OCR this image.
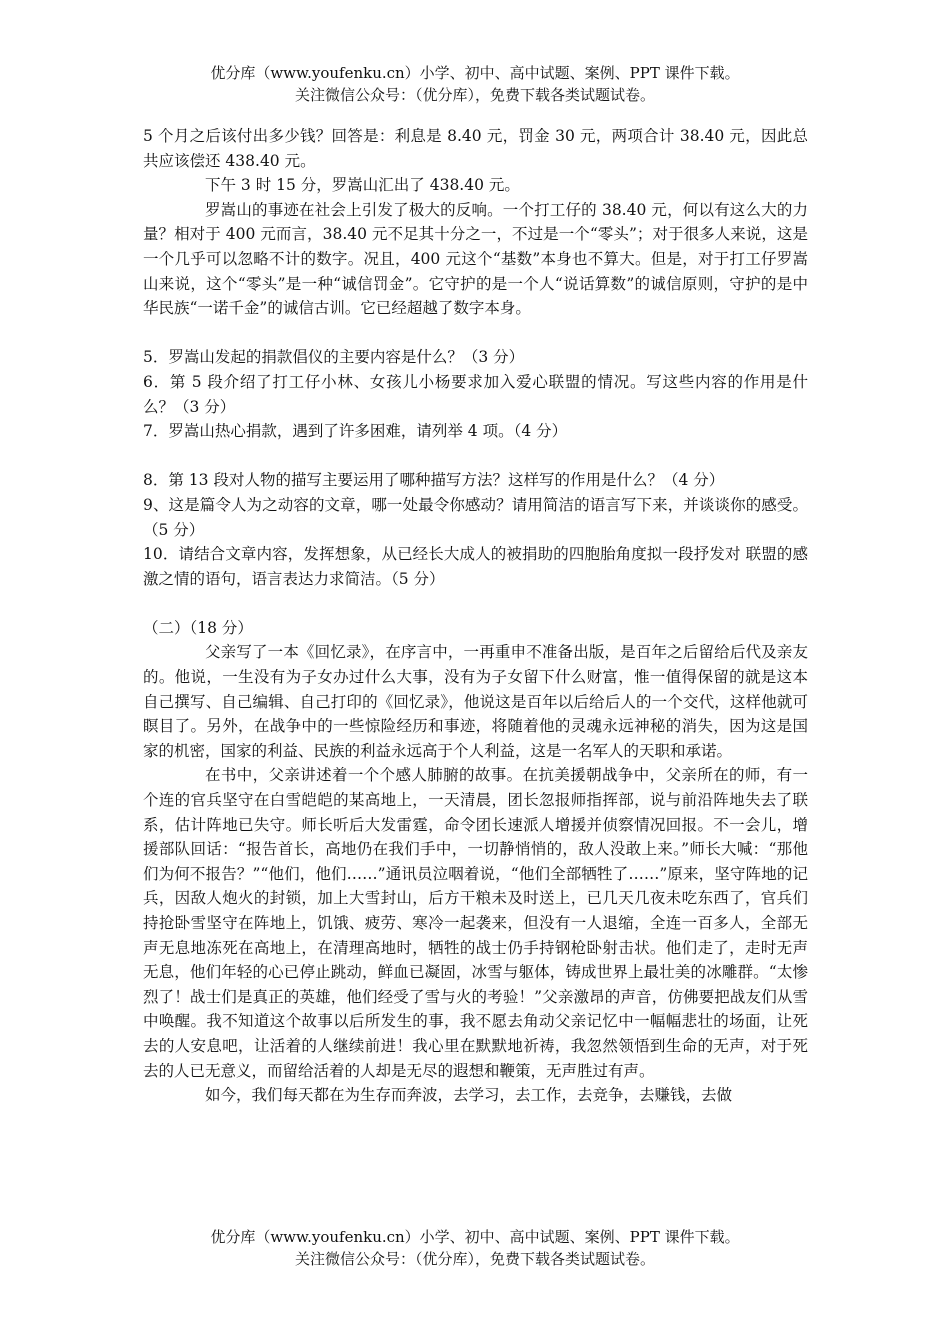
优分库（www.youfenku.cn）小学、初中、高中试题、案例、PPT 课件下载。
关注微信公众号：（优分库），免费下载各类试题试卷。

5 个月之后该付出多少钱？回答是：利息是 8.40 元，罚金 30 元，两项合计 38.40 元，因此总共应该偿还 438.40 元。

下午 3 时 15 分，罗嵩山汇出了 438.40 元。

罗嵩山的事迹在社会上引发了极大的反响。一个打工仔的 38.40 元，何以有这么大的力量？相对于 400 元而言，38.40 元不足其十分之一，不过是一个“零头”；对于很多人来说，这是一个几乎可以忽略不计的数字。况且，400 元这个“基数”本身也不算大。但是，对于打工仔罗嵩山来说，这个“零头”是一种“诚信罚金”。它守护的是一个人“说话算数”的诚信原则，守护的是中华民族“一诺千金”的诚信古训。它已经超越了数字本身。

5．罗嵩山发起的捐款倡仪的主要内容是什么？（3 分）

6．第 5 段介绍了打工仔小林、女孩儿小杨要求加入爱心联盟的情况。写这些内容的作用是什么？（3 分）

7．罗嵩山热心捐款，遇到了许多困难，请列举 4 项。（4 分）

8．第 13 段对人物的描写主要运用了哪种描写方法？这样写的作用是什么？（4 分）

9、这是篇令人为之动容的文章，哪一处最令你感动？请用简洁的语言写下来，并谈谈你的感受。（5 分）

10．请结合文章内容，发挥想象，从已经长大成人的被捐助的四胞胎角度拟一段抒发对 联盟的感激之情的语句，语言表达力求简洁。（5 分）

（二）（18 分）

父亲写了一本《回忆录》，在序言中，一再重申不准备出版，是百年之后留给后代及亲友的。他说，一生没有为子女办过什么大事，没有为子女留下什么财富，惟一值得保留的就是这本自己撰写、自己编辑、自己打印的《回忆录》，他说这是百年以后给后人的一个交代，这样他就可瞑目了。另外，在战争中的一些惊险经历和事迹，将随着他的灵魂永远神秘的消失，因为这是国家的机密，国家的利益、民族的利益永远高于个人利益，这是一名军人的天职和承诺。

在书中，父亲讲述着一个个感人肺腑的故事。在抗美援朝战争中，父亲所在的师，有一个连的官兵坚守在白雪皑皑的某高地上，一天清晨，团长忽报师指挥部，说与前沿阵地失去了联系，估计阵地已失守。师长听后大发雷霆，命令团长速派人增援并侦察情况回报。不一会儿，增援部队回话：“报告首长，高地仍在我们手中，一切静悄悄的，敌人没敢上来。”师长大喊：“那他们为何不报告？”“他们，他们……”通讯员泣咽着说，“他们全部牺牲了……”原来，坚守阵地的记兵，因敌人炮火的封锁，加上大雪封山，后方干粮未及时送上，已几天几夜未吃东西了，官兵们持抢卧雪坚守在阵地上，饥饿、疲劳、寒冷一起袭来，但没有一人退缩，全连一百多人，全部无声无息地冻死在高地上，在清理高地时，牺牲的战士仍手持钢枪卧射击状。他们走了，走时无声无息，他们年轻的心已停止跳动，鲜血已凝固，冰雪与躯体，铸成世界上最壮美的冰雕群。“太惨烈了！战士们是真正的英雄，他们经受了雪与火的考验！”父亲激昂的声音，仿佛要把战友们从雪中唤醒。我不知道这个故事以后所发生的事，我不愿去角动父亲记忆中一幅幅悲壮的场面，让死去的人安息吧，让活着的人继续前进！我心里在默默地祈祷，我忽然领悟到生命的无声，对于死去的人已无意义，而留给活着的人却是无尽的遐想和鞭策，无声胜过有声。

如今，我们每天都在为生存而奔波，去学习，去工作，去竞争，去赚钱，去做

优分库（www.youfenku.cn）小学、初中、高中试题、案例、PPT 课件下载。
关注微信公众号：（优分库），免费下载各类试题试卷。
